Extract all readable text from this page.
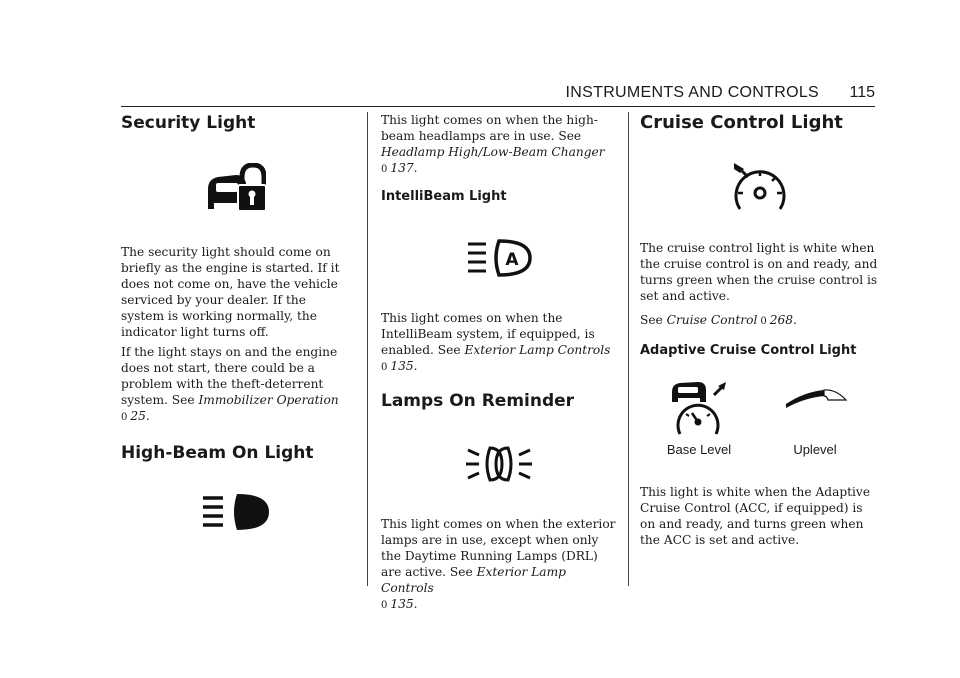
INSTRUMENTS AND CONTROLS 115
Security Light

The security light should come on briefly as the engine is started. If it does not come on, have the vehicle serviced by your dealer. If the system is working normally, the indicator light turns off.

If the light stays on and the engine does not start, there could be a problem with the theft-deterrent system. See Immobilizer Operation
0 25.

High-Beam On Light

This light comes on when the high-beam headlamps are in use. See Headlamp High/Low-Beam Changer
0 137.

IntelliBeam Light
A

This light comes on when the IntelliBeam system, if equipped, is enabled. See Exterior Lamp Controls
0 135.

Lamps On Reminder

This light comes on when the exterior lamps are in use, except when only the Daytime Running Lamps (DRL) are active. See Exterior Lamp Controls
0 135.

Cruise Control Light

The cruise control light is white when the cruise control is on and ready, and turns green when the cruise control is set and active.

See Cruise Control 0 268.

Adaptive Cruise Control Light
Base Level	Uplevel

This light is white when the Adaptive Cruise Control (ACC, if equipped) is on and ready, and turns green when the ACC is set and active.
